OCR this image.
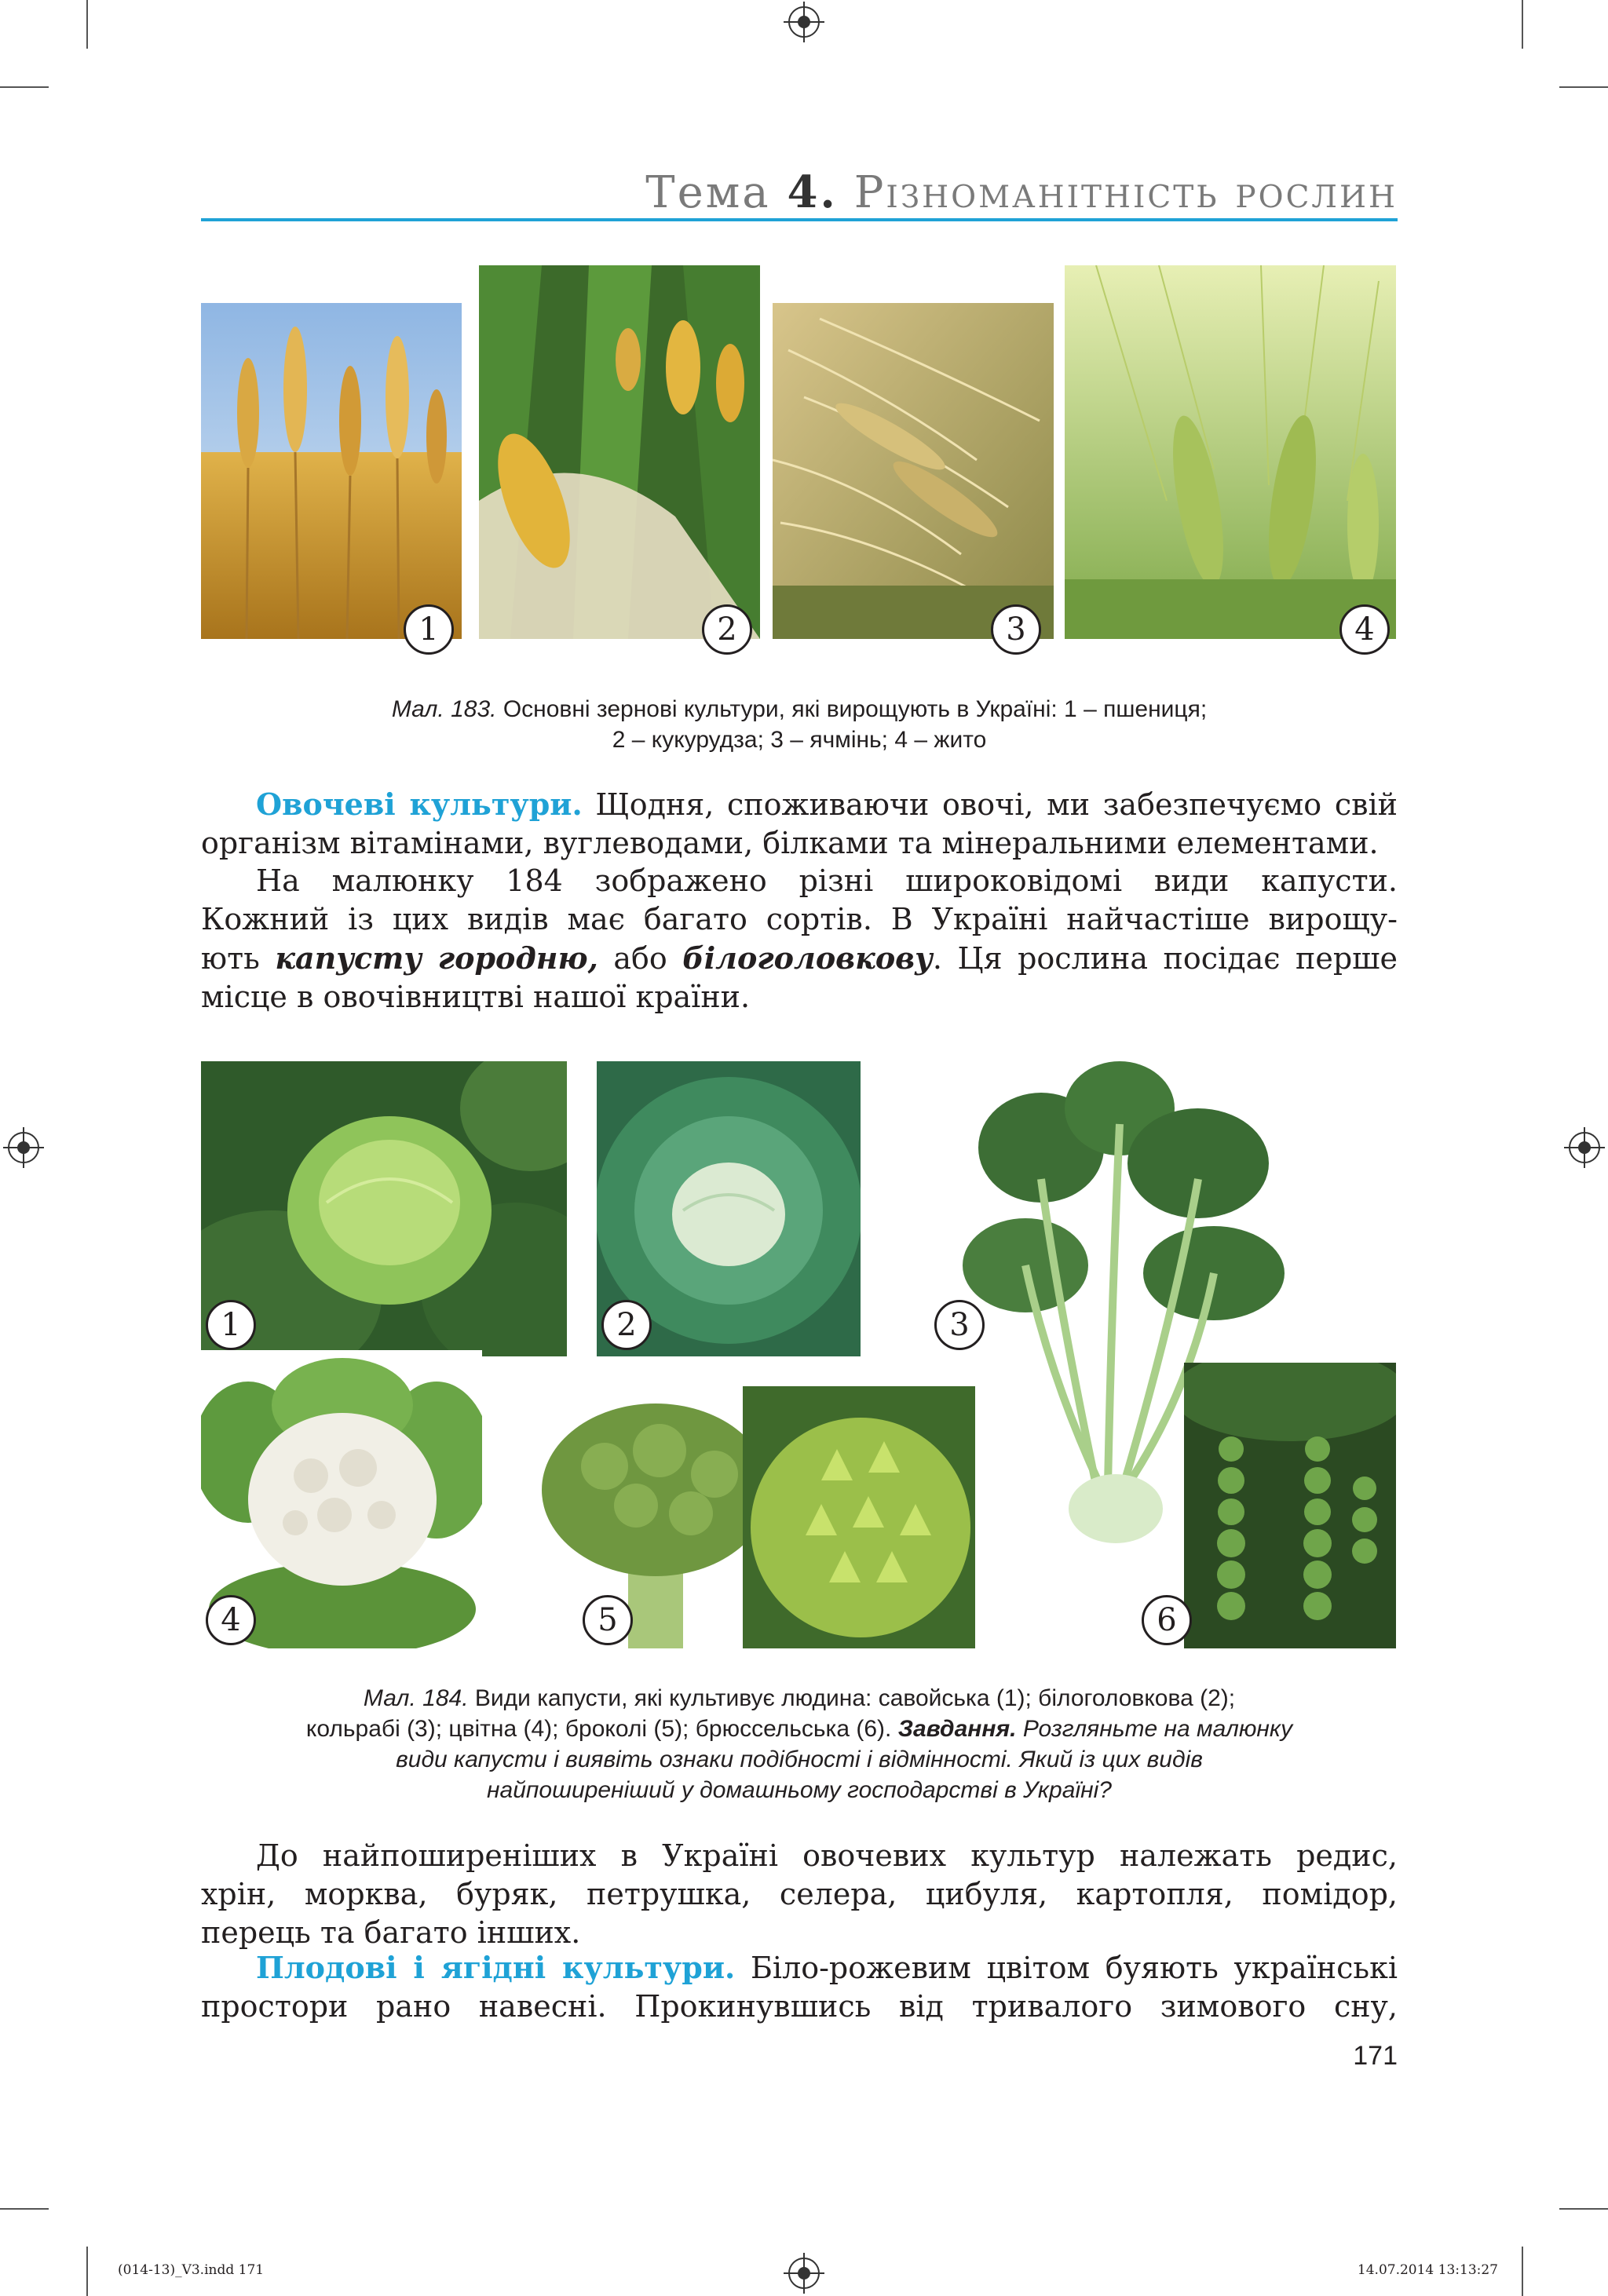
Тема 4. Різноманітність рослин
1	2	3	4
Мал. 183. Основні зернові культури, які вирощують в Україні: 1 – пшениця;
2 – кукурудза; 3 – ячмінь; 4 – жито
Овочеві культури. Щодня, споживаючи овочі, ми забезпечуємо свій
організм вітамінами, вуглеводами, білками та мінеральними елементами.
На малюнку 184 зображено різні широковідомі види капусти.
Кожний із цих видів має багато сортів. В Україні найчастіше вирощу-
ють капусту городню, або білоголовкову. Ця рослина посідає перше
місце в овочівництві нашої країни.
1	2	3
4	5	6
Мал. 184. Види капусти, які культивує людина: савойська (1); білоголовкова (2);
кольрабі (3); цвітна (4); броколі (5); брюссельська (6). Завдання. Розгляньте на малюнку
види капусти і виявіть ознаки подібності і відмінності. Який із цих видів
найпоширеніший у домашньому господарстві в Україні?
До найпоширеніших в Україні овочевих культур належать редис,
хрін, морква, буряк, петрушка, селера, цибуля, картопля, помідор,
перець та багато інших.
Плодові і ягідні культури. Біло-рожевим цвітом буяють українські
простори рано навесні. Прокинувшись від тривалого зимового сну,
171
(014-13)_V3.indd 171	14.07.2014 13:13:27
